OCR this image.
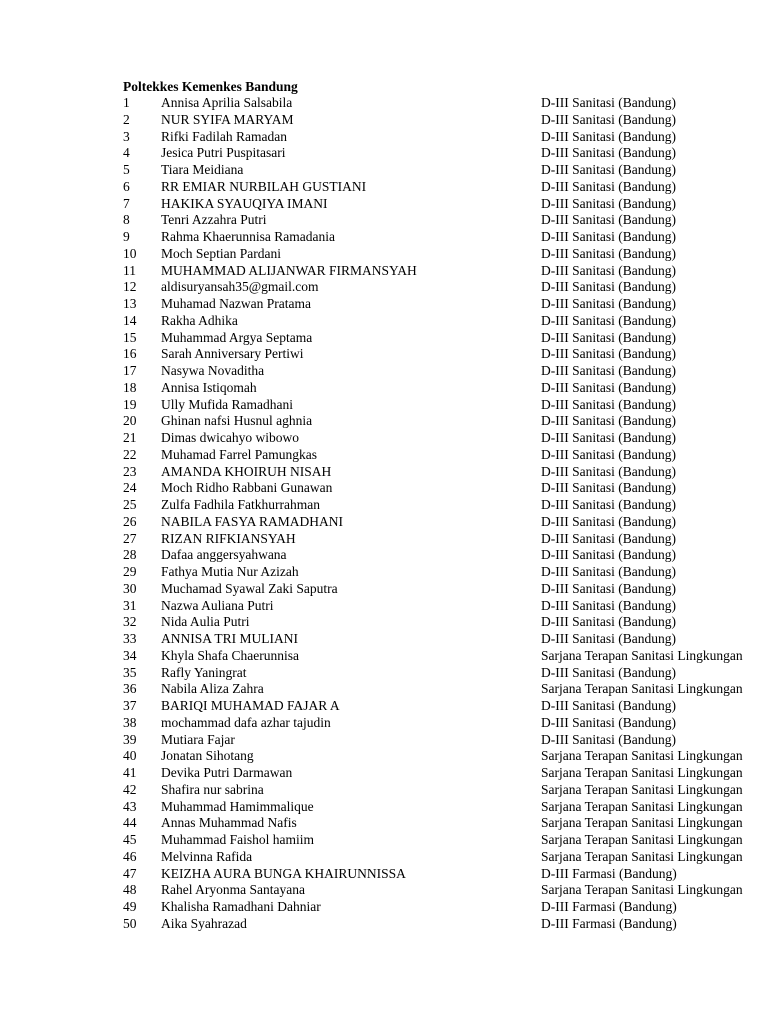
Poltekkes Kemenkes Bandung
1 Annisa Aprilia Salsabila	D-III Sanitasi (Bandung)
2 NUR SYIFA MARYAM	D-III Sanitasi (Bandung)
3 Rifki Fadilah Ramadan	D-III Sanitasi (Bandung)
4 Jesica Putri Puspitasari	D-III Sanitasi (Bandung)
5 Tiara Meidiana	D-III Sanitasi (Bandung)
6 RR EMIAR NURBILAH GUSTIANI	D-III Sanitasi (Bandung)
7 HAKIKA SYAUQIYA IMANI	D-III Sanitasi (Bandung)
8 Tenri Azzahra Putri	D-III Sanitasi (Bandung)
9 Rahma Khaerunnisa Ramadania	D-III Sanitasi (Bandung)
10 Moch Septian Pardani	D-III Sanitasi (Bandung)
11 MUHAMMAD ALIJANWAR FIRMANSYAH	D-III Sanitasi (Bandung)
12 aldisuryansah35@gmail.com	D-III Sanitasi (Bandung)
13 Muhamad Nazwan Pratama	D-III Sanitasi (Bandung)
14 Rakha Adhika	D-III Sanitasi (Bandung)
15 Muhammad Argya Septama	D-III Sanitasi (Bandung)
16 Sarah Anniversary Pertiwi	D-III Sanitasi (Bandung)
17 Nasywa Novaditha	D-III Sanitasi (Bandung)
18 Annisa Istiqomah	D-III Sanitasi (Bandung)
19 Ully Mufida Ramadhani	D-III Sanitasi (Bandung)
20 Ghinan nafsi Husnul aghnia	D-III Sanitasi (Bandung)
21 Dimas dwicahyo wibowo	D-III Sanitasi (Bandung)
22 Muhamad Farrel Pamungkas	D-III Sanitasi (Bandung)
23 AMANDA KHOIRUH NISAH	D-III Sanitasi (Bandung)
24 Moch Ridho Rabbani Gunawan	D-III Sanitasi (Bandung)
25 Zulfa Fadhila Fatkhurrahman	D-III Sanitasi (Bandung)
26 NABILA FASYA RAMADHANI	D-III Sanitasi (Bandung)
27 RIZAN RIFKIANSYAH	D-III Sanitasi (Bandung)
28 Dafaa anggersyahwana	D-III Sanitasi (Bandung)
29 Fathya Mutia Nur Azizah	D-III Sanitasi (Bandung)
30 Muchamad Syawal Zaki Saputra	D-III Sanitasi (Bandung)
31 Nazwa Auliana Putri	D-III Sanitasi (Bandung)
32 Nida Aulia Putri	D-III Sanitasi (Bandung)
33 ANNISA TRI MULIANI	D-III Sanitasi (Bandung)
34 Khyla Shafa Chaerunnisa	Sarjana Terapan Sanitasi Lingkungan
35 Rafly Yaningrat	D-III Sanitasi (Bandung)
36 Nabila Aliza Zahra	Sarjana Terapan Sanitasi Lingkungan
37 BARIQI MUHAMAD FAJAR A	D-III Sanitasi (Bandung)
38 mochammad dafa azhar tajudin	D-III Sanitasi (Bandung)
39 Mutiara Fajar	D-III Sanitasi (Bandung)
40 Jonatan Sihotang	Sarjana Terapan Sanitasi Lingkungan
41 Devika Putri Darmawan	Sarjana Terapan Sanitasi Lingkungan
42 Shafira nur sabrina	Sarjana Terapan Sanitasi Lingkungan
43 Muhammad Hamimmalique	Sarjana Terapan Sanitasi Lingkungan
44 Annas Muhammad Nafis	Sarjana Terapan Sanitasi Lingkungan
45 Muhammad Faishol hamiim	Sarjana Terapan Sanitasi Lingkungan
46 Melvinna Rafida	Sarjana Terapan Sanitasi Lingkungan
47 KEIZHA AURA BUNGA KHAIRUNNISSA	D-III Farmasi (Bandung)
48 Rahel Aryonma Santayana	Sarjana Terapan Sanitasi Lingkungan
49 Khalisha Ramadhani Dahniar	D-III Farmasi (Bandung)
50 Aika Syahrazad	D-III Farmasi (Bandung)
